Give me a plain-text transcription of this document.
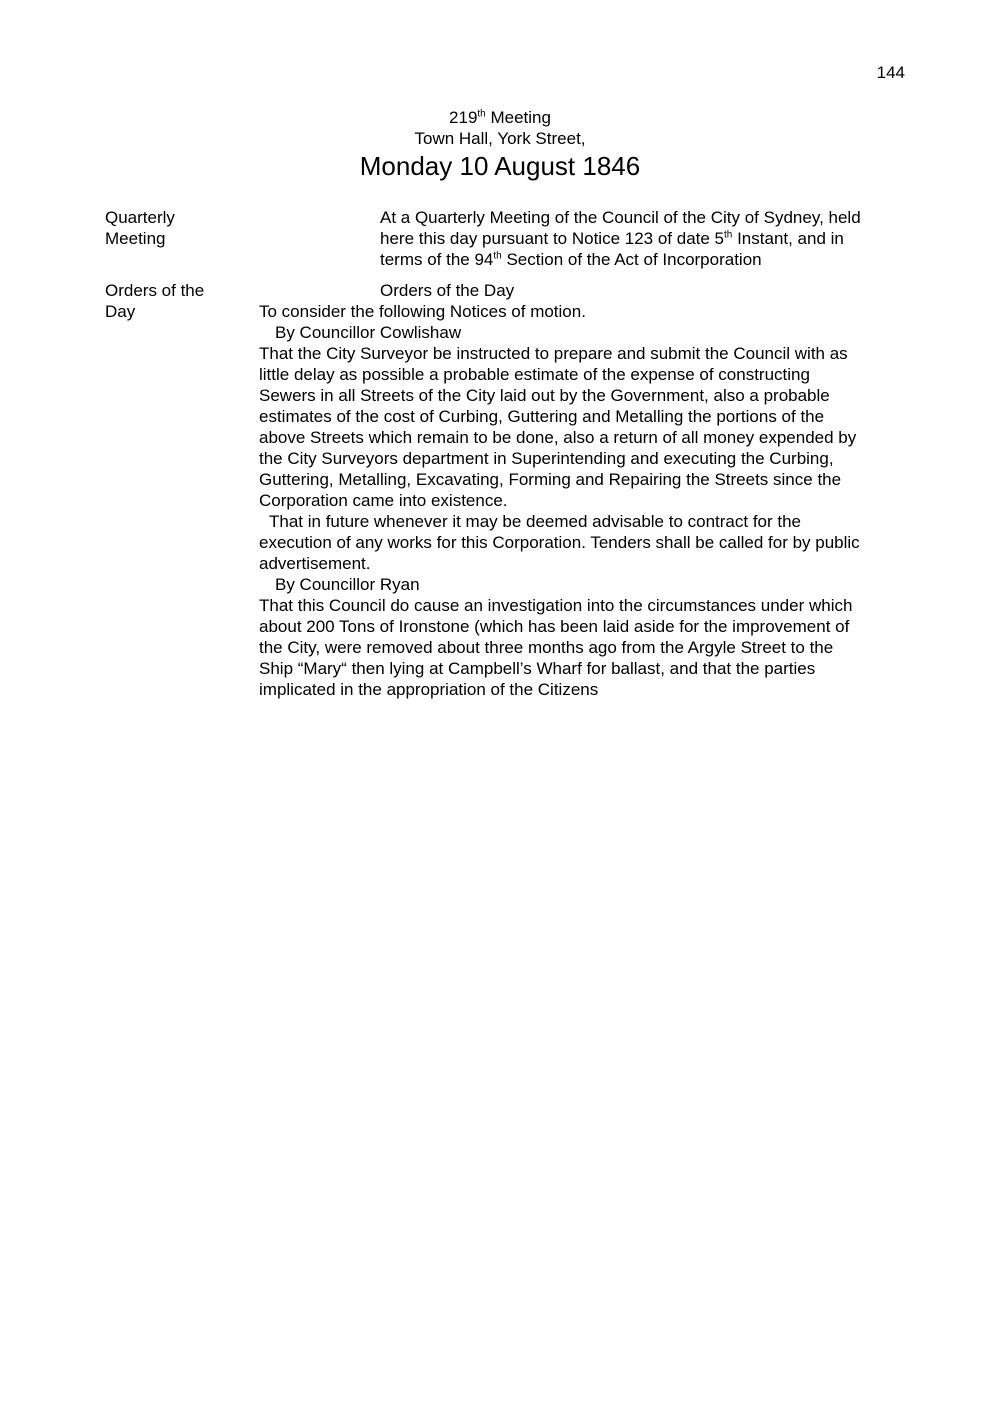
144
219th Meeting
Town Hall, York Street,
Monday 10 August 1846
Quarterly
Meeting
At a Quarterly Meeting of the Council of the City of Sydney, held
here this day pursuant to Notice 123 of date 5th Instant, and in
terms of the 94th Section of the Act of Incorporation
Orders of the
Day
Orders of the Day
To consider the following Notices of motion.
By Councillor Cowlishaw
That the City Surveyor be instructed to prepare and submit the Council with as
little delay as possible a probable estimate of the expense of constructing
Sewers in all Streets of the City laid out by the Government, also a probable
estimates of the cost of Curbing, Guttering and Metalling the portions of the
above Streets which remain to be done, also a return of all money expended by
the City Surveyors department in Superintending and executing the Curbing,
Guttering, Metalling, Excavating, Forming and Repairing the Streets since the
Corporation came into existence.
That in future whenever it may be deemed advisable to contract for the
execution of any works for this Corporation. Tenders shall be called for by public
advertisement.
By Councillor Ryan
That this Council do cause an investigation into the circumstances under which
about 200 Tons of Ironstone (which has been laid aside for the improvement of
the City, were removed about three months ago from the Argyle Street to the
Ship “Mary“ then lying at Campbell’s Wharf for ballast, and that the parties
implicated in the appropriation of the Citizens
